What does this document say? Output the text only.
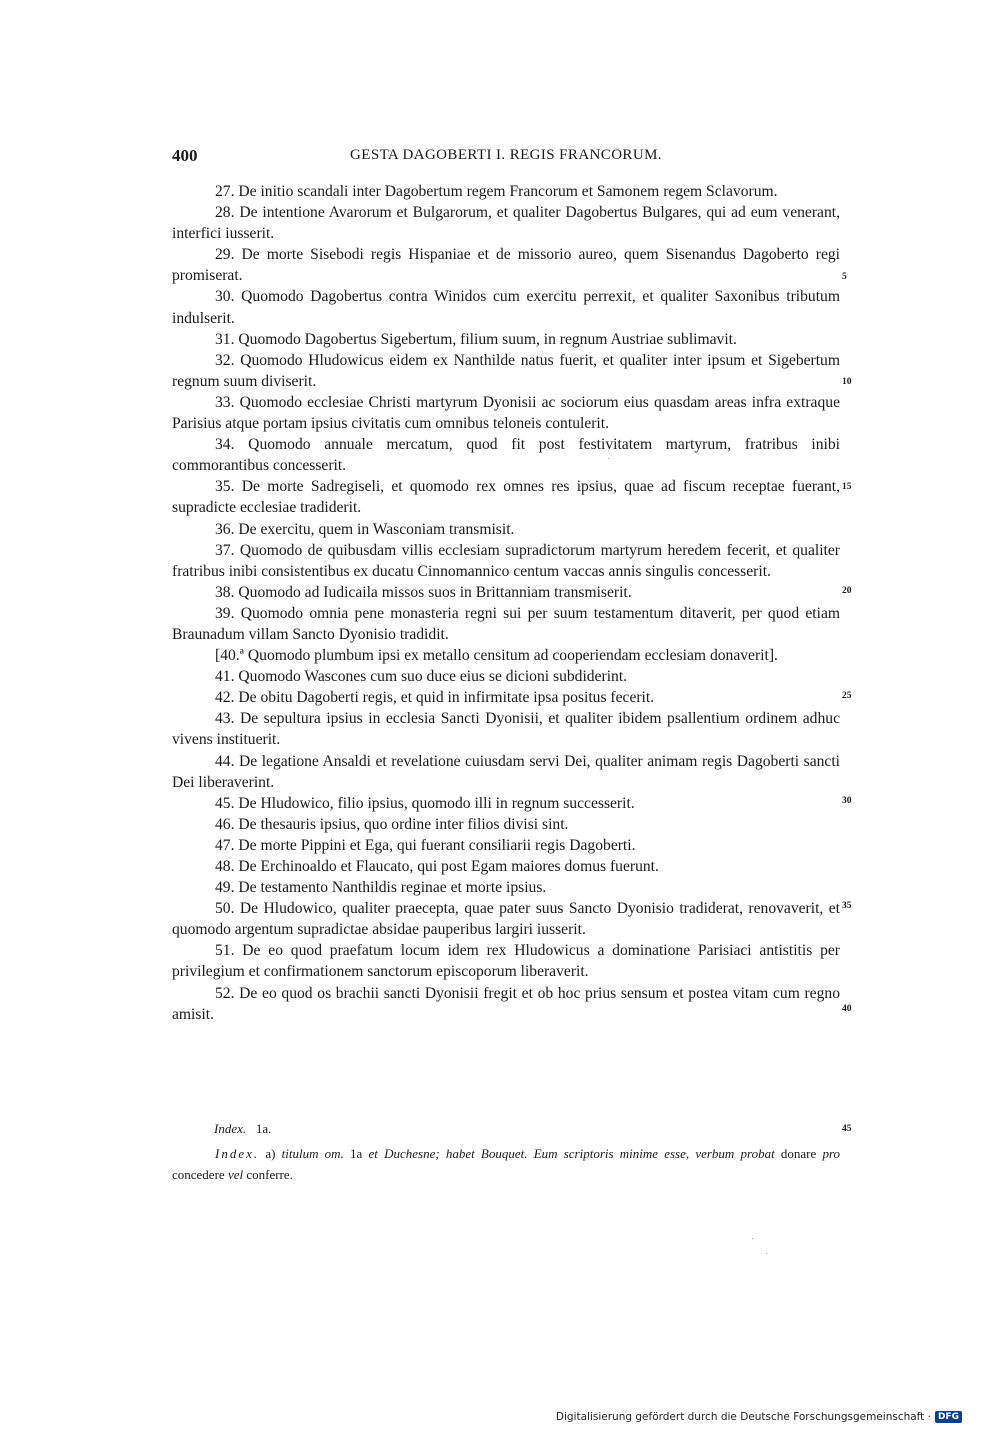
400	GESTA DAGOBERTI I. REGIS FRANCORUM.

27. De initio scandali inter Dagobertum regem Francorum et Samonem regem Sclavorum.

28. De intentione Avarorum et Bulgarorum, et qualiter Dagobertus Bulgares, qui ad eum venerant, interfici iusserit.

29. De morte Sisebodi regis Hispaniae et de missorio aureo, quem Sisenandus Dagoberto regi promiserat.

30. Quomodo Dagobertus contra Winidos cum exercitu perrexit, et qualiter Saxonibus tributum indulserit.

31. Quomodo Dagobertus Sigebertum, filium suum, in regnum Austriae sublimavit.

32. Quomodo Hludowicus eidem ex Nanthilde natus fuerit, et qualiter inter ipsum et Sigebertum regnum suum diviserit.

33. Quomodo ecclesiae Christi martyrum Dyonisii ac sociorum eius quasdam areas infra extraque Parisius atque portam ipsius civitatis cum omnibus teloneis contulerit.

34. Quomodo annuale mercatum, quod fit post festivitatem martyrum, fratribus inibi commorantibus concesserit.

35. De morte Sadregiseli, et quomodo rex omnes res ipsius, quae ad fiscum receptae fuerant, supradicte ecclesiae tradiderit.

36. De exercitu, quem in Wasconiam transmisit.

37. Quomodo de quibusdam villis ecclesiam supradictorum martyrum heredem fecerit, et qualiter fratribus inibi consistentibus ex ducatu Cinnomannico centum vaccas annis singulis concesserit.

38. Quomodo ad Iudicaila missos suos in Brittanniam transmiserit.

39. Quomodo omnia pene monasteria regni sui per suum testamentum ditaverit, per quod etiam Braunadum villam Sancto Dyonisio tradidit.

[40.ª Quomodo plumbum ipsi ex metallo censitum ad cooperiendam ecclesiam donaverit].

41. Quomodo Wascones cum suo duce eius se dicioni subdiderint.

42. De obitu Dagoberti regis, et quid in infirmitate ipsa positus fecerit.

43. De sepultura ipsius in ecclesia Sancti Dyonisii, et qualiter ibidem psallentium ordinem adhuc vivens instituerit.

44. De legatione Ansaldi et revelatione cuiusdam servi Dei, qualiter animam regis Dagoberti sancti Dei liberaverint.

45. De Hludowico, filio ipsius, quomodo illi in regnum successerit.

46. De thesauris ipsius, quo ordine inter filios divisi sint.

47. De morte Pippini et Ega, qui fuerant consiliarii regis Dagoberti.

48. De Erchinoaldo et Flaucato, qui post Egam maiores domus fuerunt.

49. De testamento Nanthildis reginae et morte ipsius.

50. De Hludowico, qualiter praecepta, quae pater suus Sancto Dyonisio tradiderat, renovaverit, et quomodo argentum supradictae absidae pauperibus largiri iusserit.

51. De eo quod praefatum locum idem rex Hludowicus a dominatione Parisiaci antistitis per privilegium et confirmationem sanctorum episcoporum liberaverit.

52. De eo quod os brachii sancti Dyonisii fregit et ob hoc prius sensum et postea vitam cum regno amisit.

5
10
15
20
25
30
35
40
Index. 1a.	45

Index. a) titulum om. 1a et Duchesne; habet Bouquet. Eum scriptoris minime esse, verbum probat donare pro concedere vel conferre.

Digitalisierung gefördert durch die Deutsche Forschungsgemeinschaft · DFG
